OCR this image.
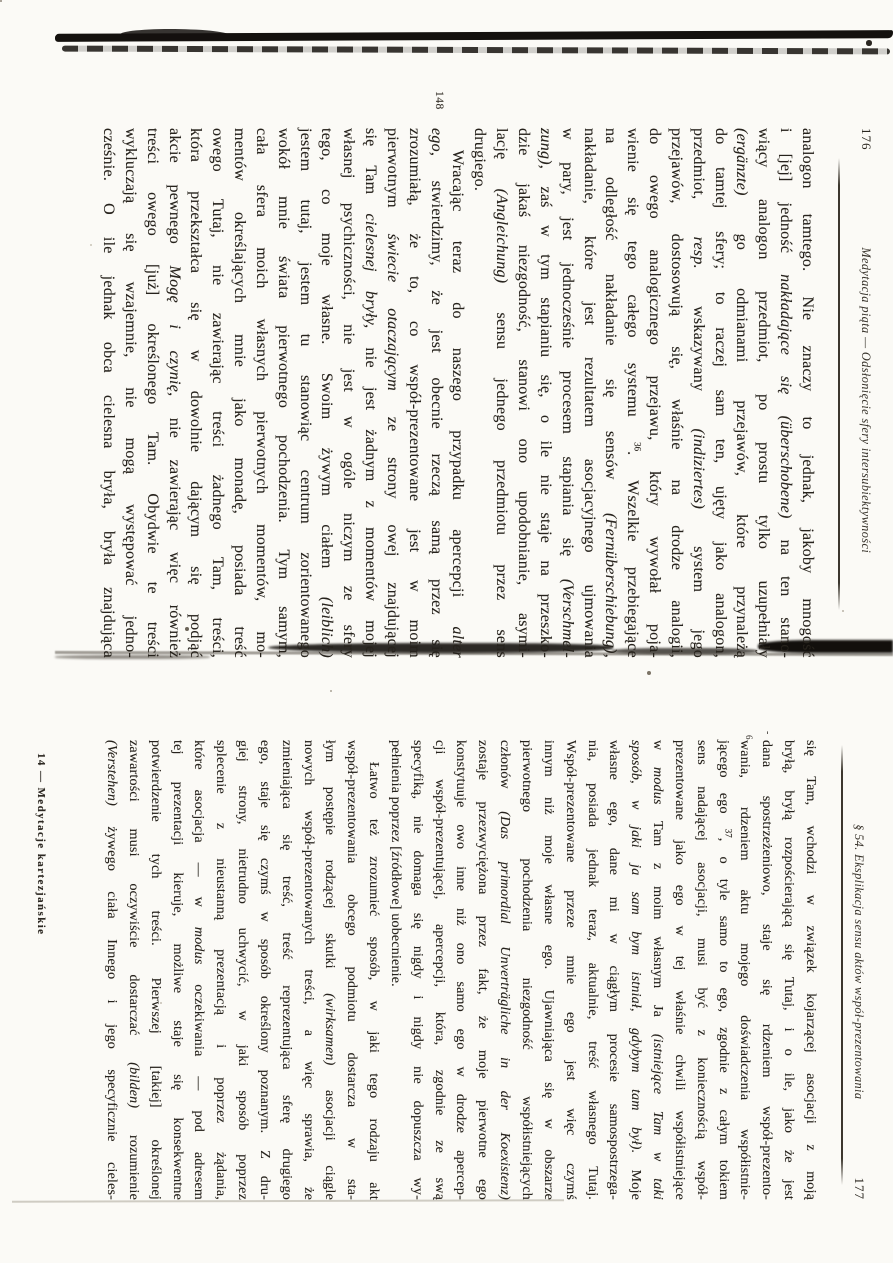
176
Medytacja piąta — Odsłonięcie sfery intersubiektywności
148
analogon tamtego. Nie znaczy to jednak, jakoby mnogość
i [jej] jedność nakładające się (überschobene) na ten stano-
wiący analogon przedmiot, po prostu tylko uzupełniały
(ergänzte) go odmianami przejawów, które przynależą
do tamtej sfery; to raczej sam ten, ujęty jako analogon,
przedmiot, resp. wskazywany (indiziertes) system jego
przejawów, dostosowują się, właśnie na drodze analogii,
do owego analogicznego przejawu, który wywołał poja-
wienie się tego całego systemu $^{36}$. Wszelkie przebiegające
na odległość nakładanie się sensów (Fernüberschiebung),
nakładanie, które jest rezultatem asocjacyjnego ujmowania
w pary, jest jednocześnie procesem stapiania się (Verschmel-
zung), zaś w tym stapianiu się, o ile nie staje na przeszko-
dzie jakaś niezgodność, stanowi ono upodobnianie, asymi-
lację (Angleichung) sensu jednego przedmiotu przez sens
drugiego.
Wracając teraz do naszego przypadku apercepcji alter
ego, stwierdzimy, że jest obecnie rzeczą samą przez się
zrozumiałą, że to, co współ-prezentowane jest w moim
pierwotnym świecie otaczającym ze strony owej znajdującej
się Tam cielesnej bryły, nie jest żadnym z momentów mojej
własnej psychiczności, nie jest w ogóle niczym ze sfery
tego, co moje własne. Swoim żywym ciałem (leiblich)
jestem tutaj, jestem tu stanowiąc centrum zorientowanego
wokół mnie świata pierwotnego pochodzenia. Tym samym,
cała sfera moich własnych pierwotnych momentów, mo-
mentów określających mnie jako monadę, posiada treść
owego Tutaj, nie zawierając treści żadnego Tam, treści,
która przekształca się w dowolnie dającym się podjąć
akcie pewnego Mogę i czynię, nie zawierając więc również
treści owego [już] określonego Tam. Obydwie te treści
wykluczają się wzajemnie, nie mogą występować jedno-
cześnie. O ile jednak obca cielesna bryła, bryła znajdująca
§ 54. Eksplikacja sensu aktów współ-prezentowania
177
-
6
się Tam, wchodzi w związek kojarzącej asocjacji z moją
bryłą, bryłą rozpościerającą się Tutaj, i o ile, jako że jest
dana spostrzeżeniowo, staje się rdzeniem współ-prezento-
wania, rdzeniem aktu mojego doświadczenia współistnie-
jącego ego $^{37}$, o tyle samo to ego, zgodnie z całym tokiem
sens nadającej asocjacji, musi być z koniecznością współ-
prezentowane jako ego w tej właśnie chwili współistniejące
w modus Tam z moim własnym Ja (istniejące Tam w taki
sposób, w jaki ja sam bym istniał, gdybym tam był). Moje
własne ego, dane mi w ciągłym procesie samospostrzega-
nia, posiada jednak teraz, aktualnie, treść własnego Tutaj.
Współ-prezentowane przeze mnie ego jest więc czymś
innym niż moje własne ego. Ujawniająca się w obszarze
pierwotnego pochodzenia niezgodność współistniejących
członów (Das primordial Unverträgliche in der Koexistenz)
zostaje przezwyciężona przez fakt, że moje pierwotne ego
konstytuuje owo inne niż ono samo ego w drodze apercep-
cji współ-prezentującej, apercepcji, która, zgodnie ze swą
specyfiką, nie domaga się nigdy i nigdy nie dopuszcza wy-
pełnienia poprzez [źródłowe] uobecnienie.
Łatwo też zrozumieć sposób, w jaki tego rodzaju akt
współ-prezentowania obcego podmiotu dostarcza w sta-
łym postępie rodzącej skutki (wirksamen) asocjacji ciągle
nowych współ-prezentowanych treści, a więc sprawia, że
zmieniająca się treść, treść reprezentująca sferę drugiego
ego, staje się czymś w sposób określony poznanym. Z dru-
giej strony, nietrudno uchwycić, w jaki sposób poprzez
splecenie z nieustanną prezentacją i poprzez żądania,
które asocjacja — w modus oczekiwania — pod adresem
tej prezentacji kieruje, możliwe staje się konsekwentne
potwierdzenie tych treści. Pierwszej [takiej] określonej
zawartości musi oczywiście dostarczać (bilden) rozumienie
(Verstehen) żywego ciała Innego i jego specyficznie cieles-
14 — Medytacje kartezjańskie
